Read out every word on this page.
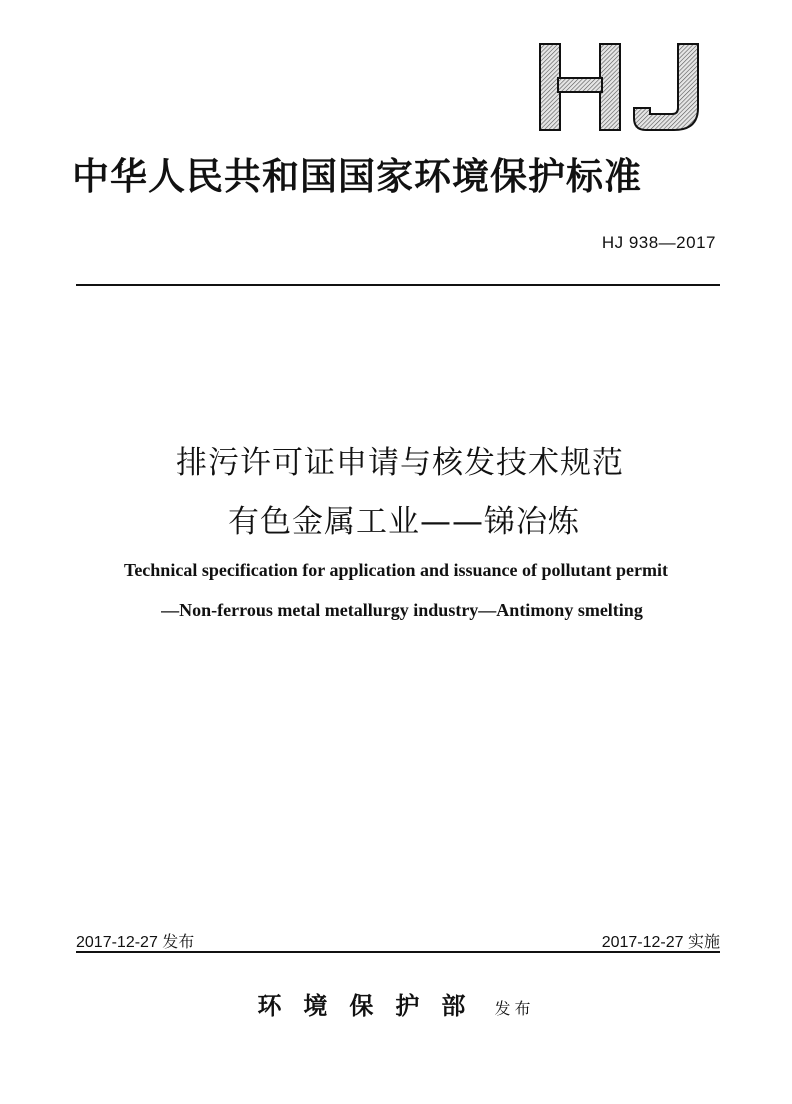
中华人民共和国国家环境保护标准
HJ 938—2017
排污许可证申请与核发技术规范
有色金属工业——锑冶炼
Technical specification for application and issuance of pollutant permit
—Non-ferrous metal metallurgy industry—Antimony smelting
2017-12-27 发布	2017-12-27 实施
环境保护部 发布
